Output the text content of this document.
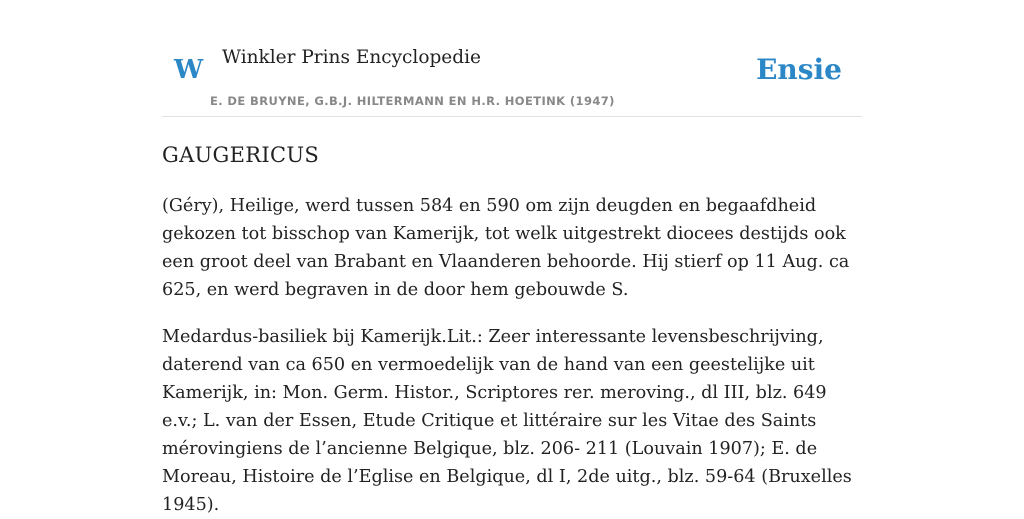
W Winkler Prins Encyclopedie	Ensie
E. DE BRUYNE, G.B.J. HILTERMANN EN H.R. HOETINK (1947)
GAUGERICUS

(Géry), Heilige, werd tussen 584 en 590 om zijn deugden en begaafdheid gekozen tot bisschop van Kamerijk, tot welk uitgestrekt diocees destijds ook een groot deel van Brabant en Vlaanderen behoorde. Hij stierf op 11 Aug. ca 625, en werd begraven in de door hem gebouwde S.

Medardus-basiliek bij Kamerijk.Lit.: Zeer interessante levensbeschrijving, daterend van ca 650 en vermoedelijk van de hand van een geestelijke uit Kamerijk, in: Mon. Germ. Histor., Scriptores rer. meroving., dl III, blz. 649 e.v.; L. van der Essen, Etude Critique et littéraire sur les Vitae des Saints mérovingiens de l’ancienne Belgique, blz. 206- 211 (Louvain 1907); E. de Moreau, Histoire de l’Eglise en Belgique, dl I, 2de uitg., blz. 59-64 (Bruxelles 1945).
